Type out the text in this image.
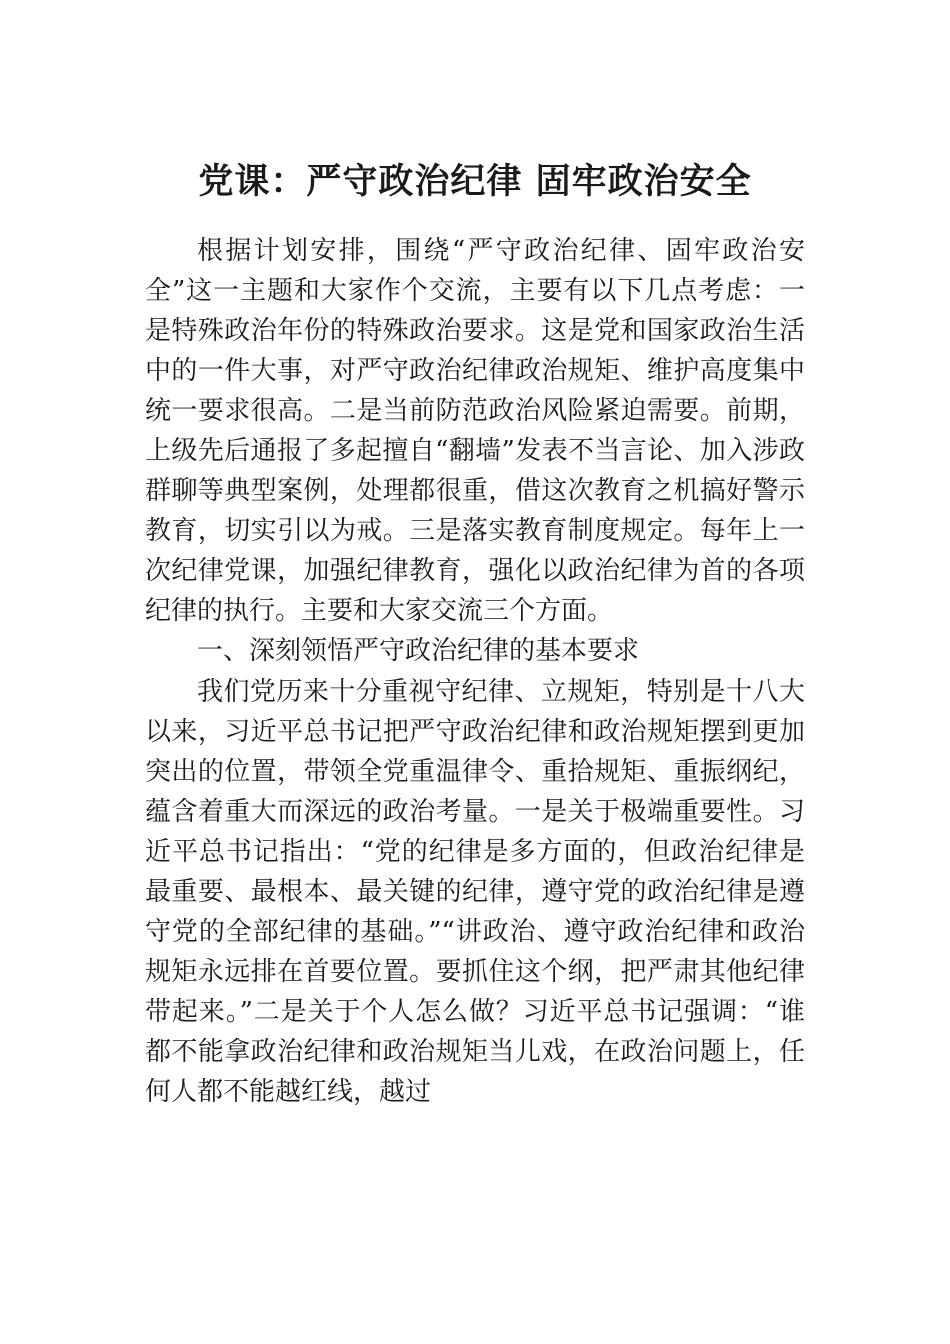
党课：严守政治纪律 固牢政治安全

根据计划安排，围绕“严守政治纪律、固牢政治安全”这一主题和大家作个交流，主要有以下几点考虑：一是特殊政治年份的特殊政治要求。这是党和国家政治生活中的一件大事，对严守政治纪律政治规矩、维护高度集中统一要求很高。二是当前防范政治风险紧迫需要。前期，上级先后通报了多起擅自“翻墙”发表不当言论、加入涉政群聊等典型案例，处理都很重，借这次教育之机搞好警示教育，切实引以为戒。三是落实教育制度规定。每年上一次纪律党课，加强纪律教育，强化以政治纪律为首的各项纪律的执行。主要和大家交流三个方面。

一、深刻领悟严守政治纪律的基本要求

我们党历来十分重视守纪律、立规矩，特别是十八大以来，习近平总书记把严守政治纪律和政治规矩摆到更加突出的位置，带领全党重温律令、重拾规矩、重振纲纪，蕴含着重大而深远的政治考量。一是关于极端重要性。习近平总书记指出：“党的纪律是多方面的，但政治纪律是最重要、最根本、最关键的纪律，遵守党的政治纪律是遵守党的全部纪律的基础。”“讲政治、遵守政治纪律和政治规矩永远排在首要位置。要抓住这个纲，把严肃其他纪律带起来。”二是关于个人怎么做？习近平总书记强调：“谁都不能拿政治纪律和政治规矩当儿戏，在政治问题上，任何人都不能越红线，越过
